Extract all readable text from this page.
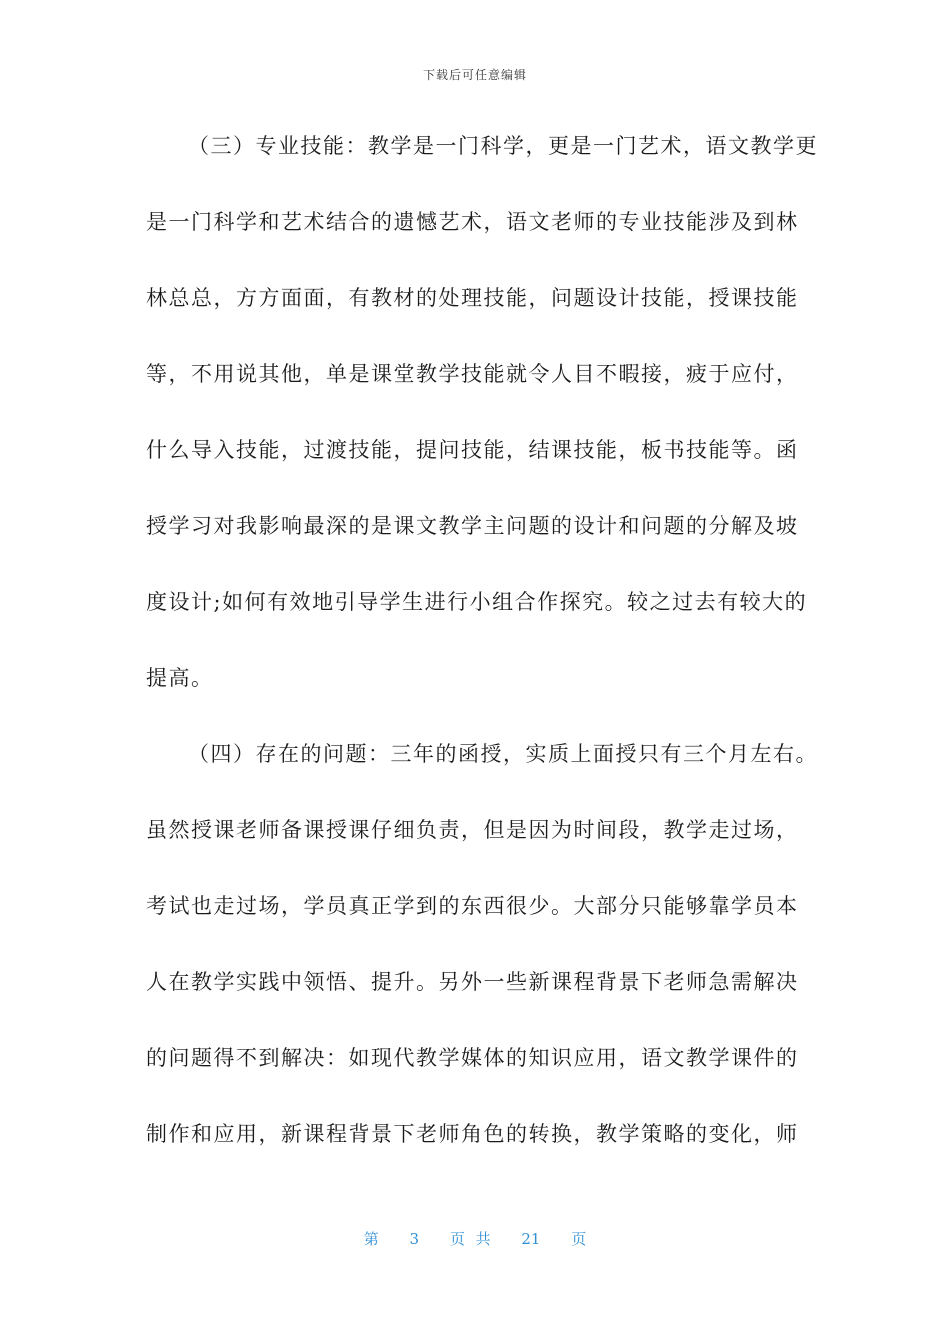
下载后可任意编辑
（三）专业技能：教学是一门科学，更是一门艺术，语文教学更
是一门科学和艺术结合的遗憾艺术，语文老师的专业技能涉及到林
林总总，方方面面，有教材的处理技能，问题设计技能，授课技能
等，不用说其他，单是课堂教学技能就令人目不暇接，疲于应付，
什么导入技能，过渡技能，提问技能，结课技能，板书技能等。函
授学习对我影响最深的是课文教学主问题的设计和问题的分解及坡
度设计;如何有效地引导学生进行小组合作探究。较之过去有较大的
提高。
（四）存在的问题：三年的函授，实质上面授只有三个月左右。
虽然授课老师备课授课仔细负责，但是因为时间段，教学走过场，
考试也走过场，学员真正学到的东西很少。大部分只能够靠学员本
人在教学实践中领悟、提升。另外一些新课程背景下老师急需解决
的问题得不到解决：如现代教学媒体的知识应用，语文教学课件的
制作和应用，新课程背景下老师角色的转换，教学策略的变化，师
第 3 页 共 21 页
